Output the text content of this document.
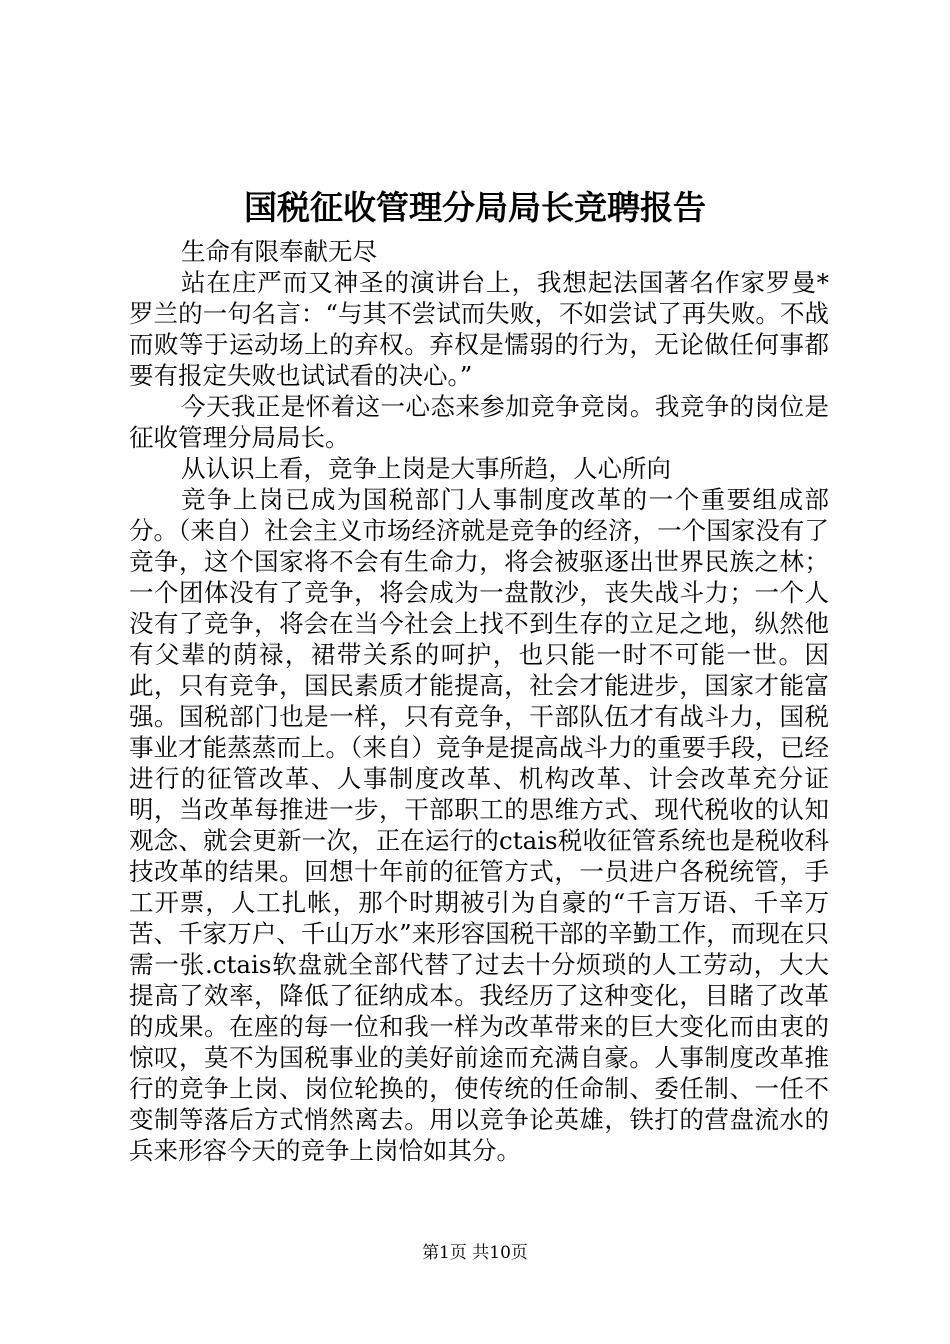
国税征收管理分局局长竞聘报告

生命有限奉献无尽

站在庄严而又神圣的演讲台上，我想起法国著名作家罗曼*罗兰的一句名言：“与其不尝试而失败，不如尝试了再失败。不战而败等于运动场上的弃权。弃权是懦弱的行为，无论做任何事都要有报定失败也试试看的决心。”

今天我正是怀着这一心态来参加竞争竞岗。我竞争的岗位是征收管理分局局长。

从认识上看，竞争上岗是大事所趋，人心所向

竞争上岗已成为国税部门人事制度改革的一个重要组成部分。（来自）社会主义市场经济就是竞争的经济，一个国家没有了竞争，这个国家将不会有生命力，将会被驱逐出世界民族之林；一个团体没有了竞争，将会成为一盘散沙，丧失战斗力；一个人没有了竞争，将会在当今社会上找不到生存的立足之地，纵然他有父辈的荫禄，裙带关系的呵护，也只能一时不可能一世。因此，只有竞争，国民素质才能提高，社会才能进步，国家才能富强。国税部门也是一样，只有竞争，干部队伍才有战斗力，国税事业才能蒸蒸而上。（来自）竞争是提高战斗力的重要手段，已经进行的征管改革、人事制度改革、机构改革、计会改革充分证明，当改革每推进一步，干部职工的思维方式、现代税收的认知观念、就会更新一次，正在运行的ctais税收征管系统也是税收科技改革的结果。回想十年前的征管方式，一员进户各税统管，手工开票，人工扎帐，那个时期被引为自豪的“千言万语、千辛万苦、千家万户、千山万水”来形容国税干部的辛勤工作，而现在只需一张.ctais软盘就全部代替了过去十分烦琐的人工劳动，大大提高了效率，降低了征纳成本。我经历了这种变化，目睹了改革的成果。在座的每一位和我一样为改革带来的巨大变化而由衷的惊叹，莫不为国税事业的美好前途而充满自豪。人事制度改革推行的竞争上岗、岗位轮换的，使传统的任命制、委任制、一任不变制等落后方式悄然离去。用以竞争论英雄，铁打的营盘流水的兵来形容今天的竞争上岗恰如其分。

第1页 共10页
